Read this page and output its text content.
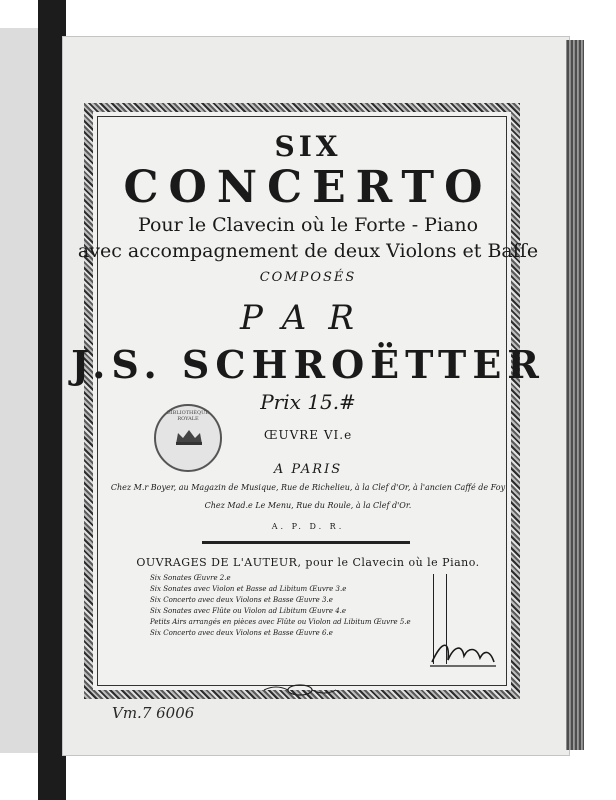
SIX
CONCERTO
Pour le Clavecin où le Forte - Piano
avec accompagnement de deux Violons et Baſſe
COMPOSÉS
PAR
J.S. SCHROËTTER
Prix 15.#
ŒUVRE VI.e
BIBLIOTHÈQUE ROYALE
A PARIS
Chez M.r Boyer, au Magazin de Musique, Rue de Richelieu, à la Clef d'Or, à l'ancien Caffé de Foy
Chez Mad.e Le Menu, Rue du Roule, à la Clef d'Or.
A. P. D. R.
OUVRAGES DE L'AUTEUR, pour le Clavecin où le Piano.
Six Sonates Œuvre 2.e
Six Sonates avec Violon et Basse ad Libitum Œuvre 3.e
Six Concerto avec deux Violons et Basse Œuvre 3.e
Six Sonates avec Flûte ou Violon ad Libitum Œuvre 4.e
Petits Airs arrangés en pièces avec Flûte ou Violon ad Libitum Œuvre 5.e
Six Concerto avec deux Violons et Basse Œuvre 6.e
Vm.7 6006
